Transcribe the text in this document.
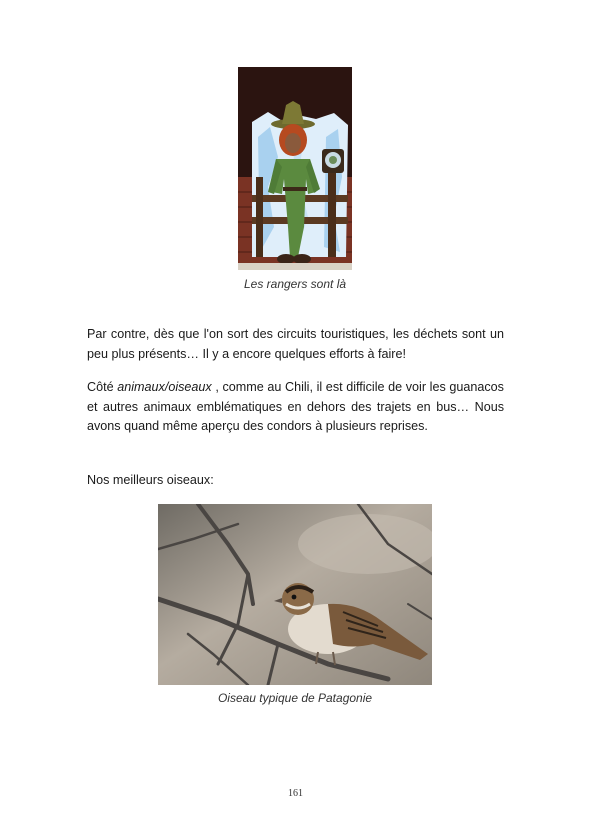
Les rangers sont là

Par contre, dès que l'on sort des circuits touristiques, les déchets sont un peu plus présents… Il y a encore quelques efforts à faire!

Côté animaux/oiseaux , comme au Chili, il est difficile de voir les guanacos et autres animaux emblématiques en dehors des trajets en bus… Nous avons quand même aperçu des condors à plusieurs reprises.

Nos meilleurs oiseaux:

Oiseau typique de Patagonie
161
